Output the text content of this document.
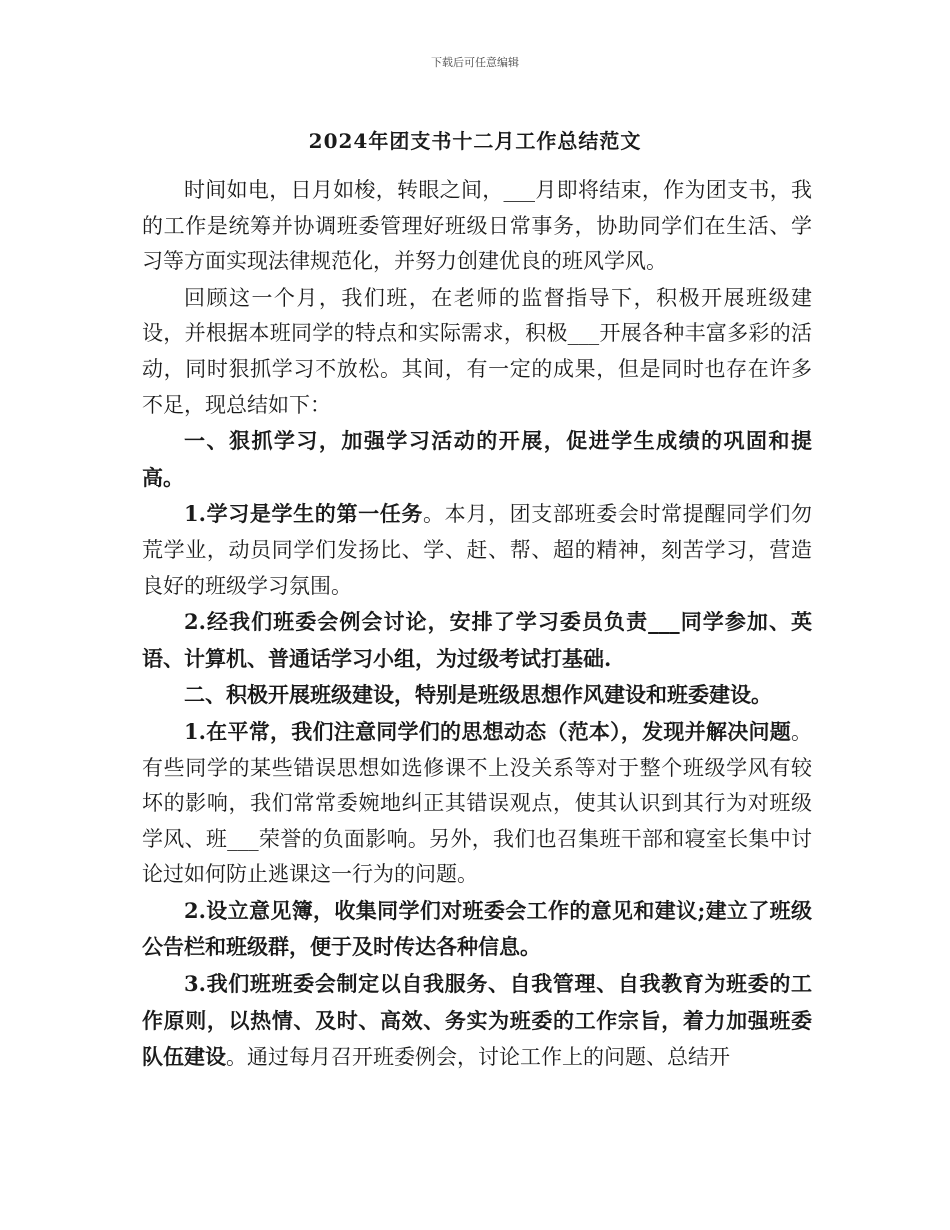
下载后可任意编辑
2024年团支书十二月工作总结范文

时间如电，日月如梭，转眼之间，___月即将结束，作为团支书，我的工作是统筹并协调班委管理好班级日常事务，协助同学们在生活、学习等方面实现法律规范化，并努力创建优良的班风学风。

回顾这一个月，我们班，在老师的监督指导下，积极开展班级建设，并根据本班同学的特点和实际需求，积极___开展各种丰富多彩的活动，同时狠抓学习不放松。其间，有一定的成果，但是同时也存在许多不足，现总结如下：

一、狠抓学习，加强学习活动的开展，促进学生成绩的巩固和提高。

1.学习是学生的第一任务。本月，团支部班委会时常提醒同学们勿荒学业，动员同学们发扬比、学、赶、帮、超的精神，刻苦学习，营造良好的班级学习氛围。

2.经我们班委会例会讨论，安排了学习委员负责___同学参加、英语、计算机、普通话学习小组，为过级考试打基础.

二、积极开展班级建设，特别是班级思想作风建设和班委建设。

1.在平常，我们注意同学们的思想动态（范本），发现并解决问题。有些同学的某些错误思想如选修课不上没关系等对于整个班级学风有较坏的影响，我们常常委婉地纠正其错误观点，使其认识到其行为对班级学风、班___荣誉的负面影响。另外，我们也召集班干部和寝室长集中讨论过如何防止逃课这一行为的问题。

2.设立意见簿，收集同学们对班委会工作的意见和建议;建立了班级公告栏和班级群，便于及时传达各种信息。

3.我们班班委会制定以自我服务、自我管理、自我教育为班委的工作原则，以热情、及时、高效、务实为班委的工作宗旨，着力加强班委队伍建设。通过每月召开班委例会，讨论工作上的问题、总结开
